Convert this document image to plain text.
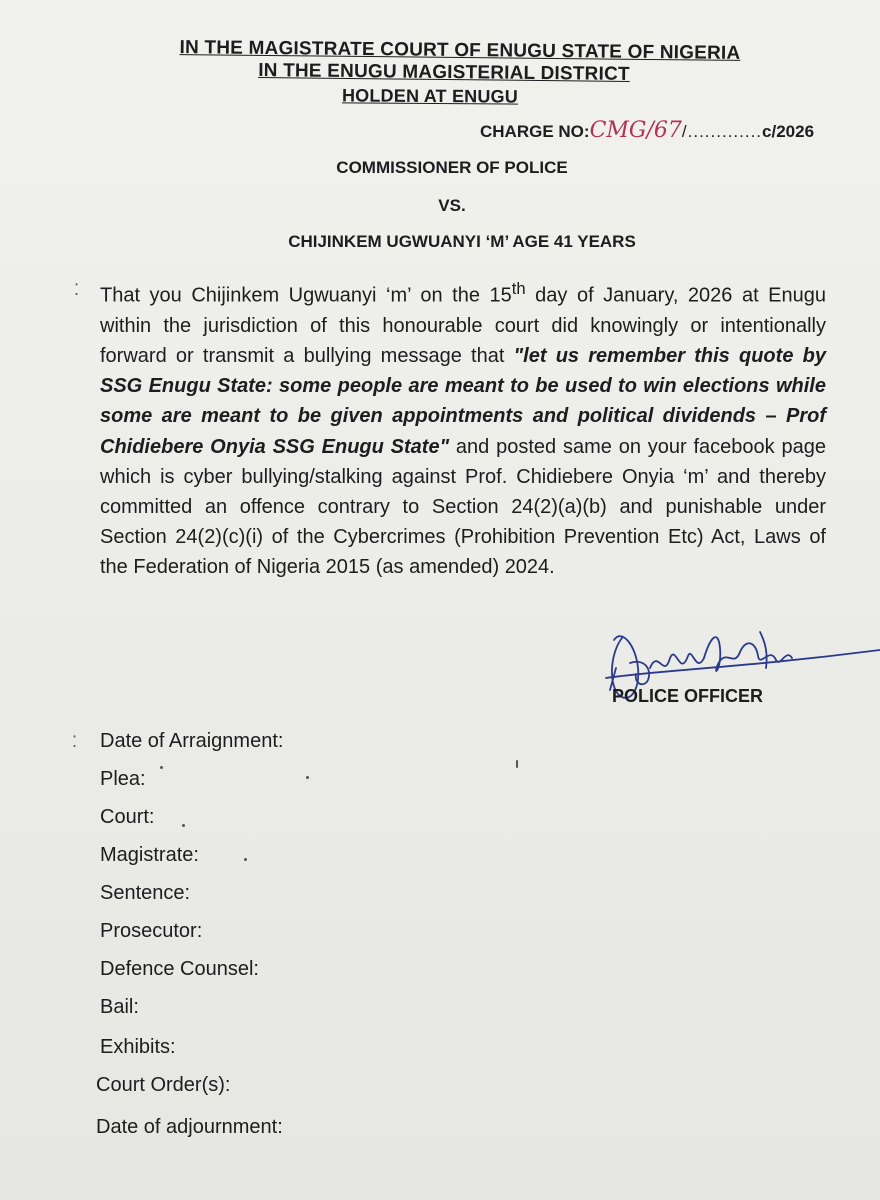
IN THE MAGISTRATE COURT OF ENUGU STATE OF NIGERIA
IN THE ENUGU MAGISTERIAL DISTRICT
HOLDEN AT ENUGU
CHARGE NO:CMG/67/.............c/2026
COMMISSIONER OF POLICE
VS.
CHIJINKEM UGWUANYI ‘M’ AGE 41 YEARS
⁚ That you Chijinkem Ugwuanyi ‘m’ on the 15th day of January, 2026 at Enugu within the jurisdiction of this honourable court did knowingly or intentionally forward or transmit a bullying message that "let us remember this quote by SSG Enugu State: some people are meant to be used to win elections while some are meant to be given appointments and political dividends – Prof Chidiebere Onyia SSG Enugu State" and posted same on your facebook page which is cyber bullying/stalking against Prof. Chidiebere Onyia ‘m’ and thereby committed an offence contrary to Section 24(2)(a)(b) and punishable under Section 24(2)(c)(i) of the Cybercrimes (Prohibition Prevention Etc) Act, Laws of the Federation of Nigeria 2015 (as amended) 2024.
POLICE OFFICER
⁚ Date of Arraignment:
Plea:
Court:
Magistrate:
Sentence:
Prosecutor:
Defence Counsel:
Bail:
Exhibits:
Court Order(s):
Date of adjournment:
